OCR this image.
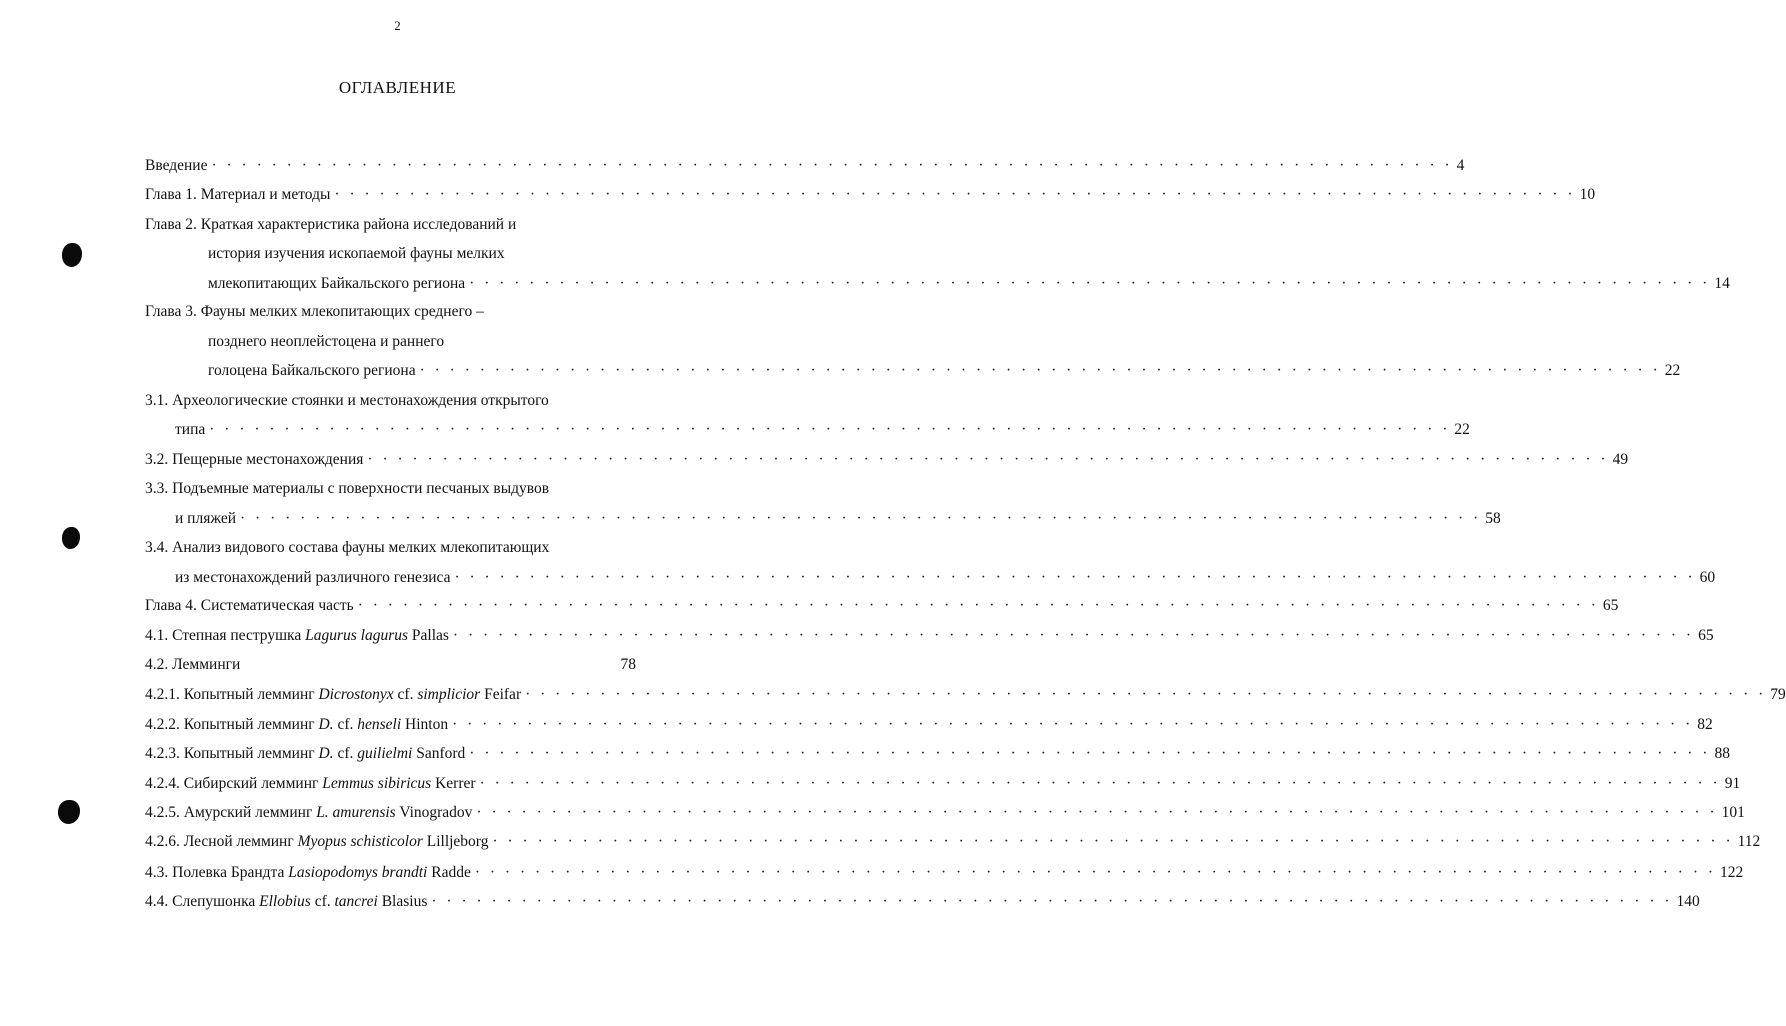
2
ОГЛАВЛЕНИЕ
Введение · · · · · · · · · · · · · · · · · · · · · · · · · · · · · · · · · · · · · · · · · · · · · · · · · · · · · · · · · · · · · · · · · · · · · · · · · · · · · · · · · · · 4
Глава 1. Материал и методы · · · · · · · · · · · · · · · · · · · · · · · · · · · · · · · · · · · · · · · · · · · · · · · · · · · · · · · · · · · · · · · · · · · · · · · · · · · · · · · · · · · 10
Глава 2. Краткая характеристика района исследований и
история изучения ископаемой фауны мелких
млекопитающих Байкальского региона · · · · · · · · · · · · · · · · · · · · · · · · · · · · · · · · · · · · · · · · · · · · · · · · · · · · · · · · · · · · · · · · · · · · · · · · · · · · · · · · · · · 14
Глава 3. Фауны мелких млекопитающих среднего –
позднего неоплейстоцена и раннего
голоцена Байкальского региона · · · · · · · · · · · · · · · · · · · · · · · · · · · · · · · · · · · · · · · · · · · · · · · · · · · · · · · · · · · · · · · · · · · · · · · · · · · · · · · · · · · 22
3.1. Археологические стоянки и местонахождения открытого
типа · · · · · · · · · · · · · · · · · · · · · · · · · · · · · · · · · · · · · · · · · · · · · · · · · · · · · · · · · · · · · · · · · · · · · · · · · · · · · · · · · · · 22
3.2. Пещерные местонахождения · · · · · · · · · · · · · · · · · · · · · · · · · · · · · · · · · · · · · · · · · · · · · · · · · · · · · · · · · · · · · · · · · · · · · · · · · · · · · · · · · · · 49
3.3. Подъемные материалы с поверхности песчаных выдувов
и пляжей · · · · · · · · · · · · · · · · · · · · · · · · · · · · · · · · · · · · · · · · · · · · · · · · · · · · · · · · · · · · · · · · · · · · · · · · · · · · · · · · · · · 58
3.4. Анализ видового состава фауны мелких млекопитающих
из местонахождений различного генезиса · · · · · · · · · · · · · · · · · · · · · · · · · · · · · · · · · · · · · · · · · · · · · · · · · · · · · · · · · · · · · · · · · · · · · · · · · · · · · · · · · · · 60
Глава 4. Систематическая часть · · · · · · · · · · · · · · · · · · · · · · · · · · · · · · · · · · · · · · · · · · · · · · · · · · · · · · · · · · · · · · · · · · · · · · · · · · · · · · · · · · · 65
4.1. Степная пеструшка Lagurus lagurus Pallas · · · · · · · · · · · · · · · · · · · · · · · · · · · · · · · · · · · · · · · · · · · · · · · · · · · · · · · · · · · · · · · · · · · · · · · · · · · · · · · · · · · 65
4.2. Лемминги	78
4.2.1. Копытный лемминг Dicrostonyx cf. simplicior Feifar · · · · · · · · · · · · · · · · · · · · · · · · · · · · · · · · · · · · · · · · · · · · · · · · · · · · · · · · · · · · · · · · · · · · · · · · · · · · · · · · · · · 79
4.2.2. Копытный лемминг D. cf. henseli Hinton · · · · · · · · · · · · · · · · · · · · · · · · · · · · · · · · · · · · · · · · · · · · · · · · · · · · · · · · · · · · · · · · · · · · · · · · · · · · · · · · · · · 82
4.2.3. Копытный лемминг D. cf. guilielmi Sanford · · · · · · · · · · · · · · · · · · · · · · · · · · · · · · · · · · · · · · · · · · · · · · · · · · · · · · · · · · · · · · · · · · · · · · · · · · · · · · · · · · · 88
4.2.4. Сибирский лемминг Lemmus sibiricus Kerrer · · · · · · · · · · · · · · · · · · · · · · · · · · · · · · · · · · · · · · · · · · · · · · · · · · · · · · · · · · · · · · · · · · · · · · · · · · · · · · · · · · · 91
4.2.5. Амурский лемминг L. amurensis Vinogradov · · · · · · · · · · · · · · · · · · · · · · · · · · · · · · · · · · · · · · · · · · · · · · · · · · · · · · · · · · · · · · · · · · · · · · · · · · · · · · · · · · · 101
4.2.6. Лесной лемминг Myopus schisticolor Lilljeborg · · · · · · · · · · · · · · · · · · · · · · · · · · · · · · · · · · · · · · · · · · · · · · · · · · · · · · · · · · · · · · · · · · · · · · · · · · · · · · · · · · · 112
4.3. Полевка Брандта Lasiopodomys brandti Radde · · · · · · · · · · · · · · · · · · · · · · · · · · · · · · · · · · · · · · · · · · · · · · · · · · · · · · · · · · · · · · · · · · · · · · · · · · · · · · · · · · · 122
4.4. Слепушонка Ellobius cf. tancrei Blasius · · · · · · · · · · · · · · · · · · · · · · · · · · · · · · · · · · · · · · · · · · · · · · · · · · · · · · · · · · · · · · · · · · · · · · · · · · · · · · · · · · · 140
